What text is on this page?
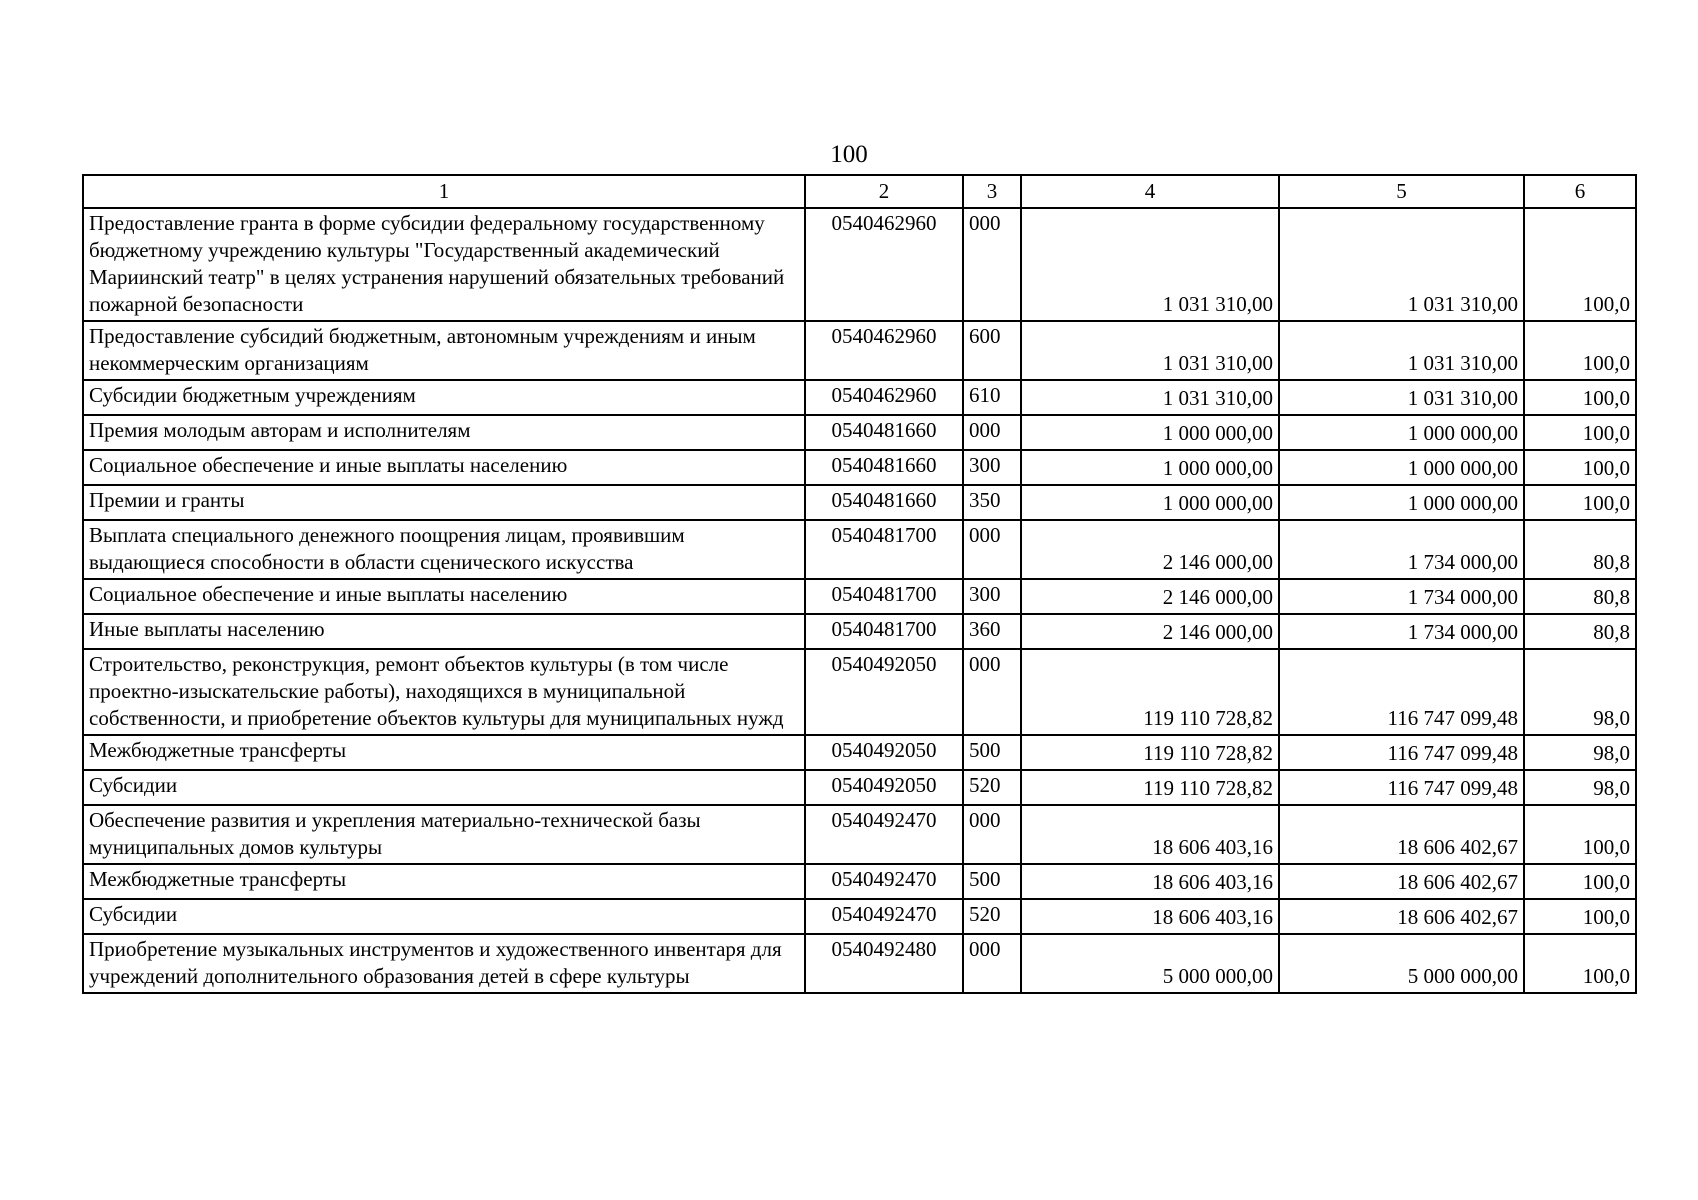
100
1	2	3	4	5	6
Предоставление гранта в форме субсидии федеральному государственному бюджетному учреждению культуры "Государственный академический Мариинский театр" в целях устранения нарушений обязательных требований пожарной безопасности	0540462960	000	1 031 310,00	1 031 310,00	100,0
Предоставление субсидий бюджетным, автономным учреждениям и иным некоммерческим организациям	0540462960	600	1 031 310,00	1 031 310,00	100,0
Субсидии бюджетным учреждениям	0540462960	610	1 031 310,00	1 031 310,00	100,0
Премия молодым авторам и исполнителям	0540481660	000	1 000 000,00	1 000 000,00	100,0
Социальное обеспечение и иные выплаты населению	0540481660	300	1 000 000,00	1 000 000,00	100,0
Премии и гранты	0540481660	350	1 000 000,00	1 000 000,00	100,0
Выплата специального денежного поощрения лицам, проявившим выдающиеся способности в области сценического искусства	0540481700	000	2 146 000,00	1 734 000,00	80,8
Социальное обеспечение и иные выплаты населению	0540481700	300	2 146 000,00	1 734 000,00	80,8
Иные выплаты населению	0540481700	360	2 146 000,00	1 734 000,00	80,8
Строительство, реконструкция, ремонт объектов культуры (в том числе проектно-изыскательские работы), находящихся в муниципальной собственности, и приобретение объектов культуры для муниципальных нужд	0540492050	000	119 110 728,82	116 747 099,48	98,0
Межбюджетные трансферты	0540492050	500	119 110 728,82	116 747 099,48	98,0
Субсидии	0540492050	520	119 110 728,82	116 747 099,48	98,0
Обеспечение развития и укрепления материально-технической базы муниципальных домов культуры	0540492470	000	18 606 403,16	18 606 402,67	100,0
Межбюджетные трансферты	0540492470	500	18 606 403,16	18 606 402,67	100,0
Субсидии	0540492470	520	18 606 403,16	18 606 402,67	100,0
Приобретение музыкальных инструментов и художественного инвентаря для учреждений дополнительного образования детей в сфере культуры	0540492480	000	5 000 000,00	5 000 000,00	100,0
